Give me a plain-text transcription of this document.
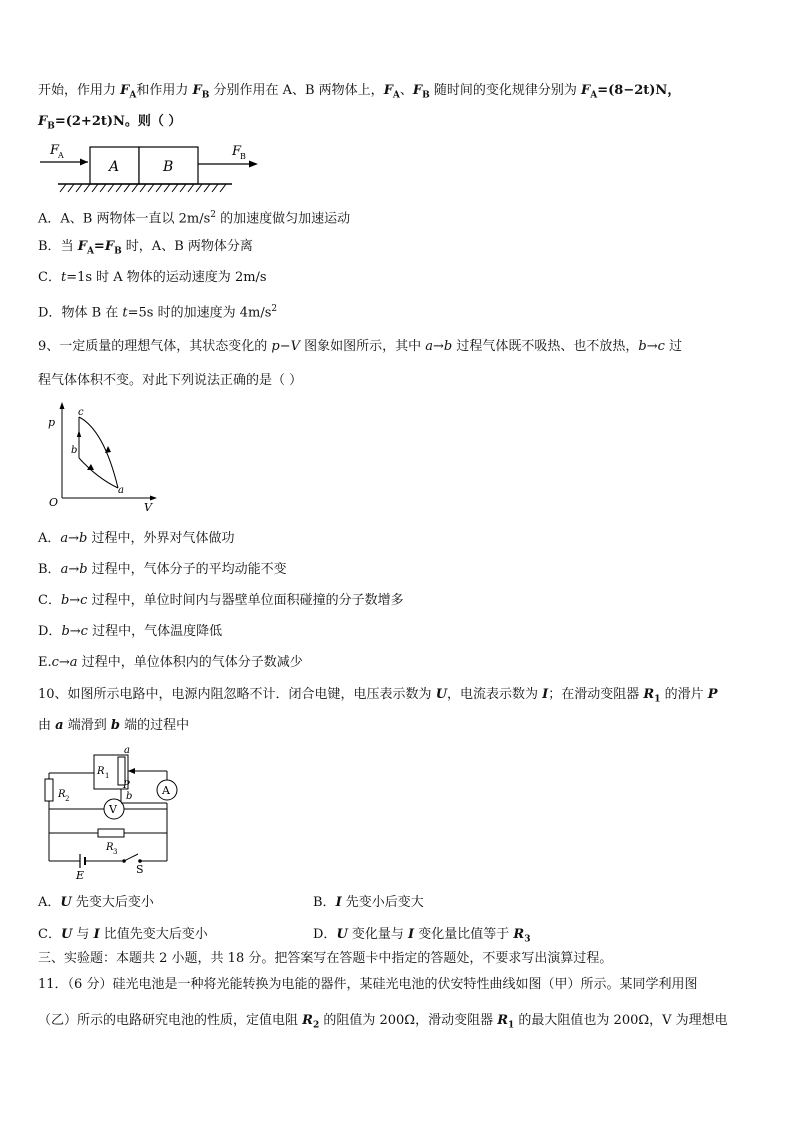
开始，作用力 $F_A$和作用力 $F_B$ 分别作用在 A、B 两物体上，$F_A$、$F_B$ 随时间的变化规律分别为 $F_A=(8-2t)N$，
$F_B=(2+2t)N$。则（ ）
F
A
A	B
F
B
A．A、B 两物体一直以 $2m/s^2$ 的加速度做匀加速运动
B．当 $F_A=F_B$ 时，A、B 两物体分离
C．t=1s 时 A 物体的运动速度为 2m/s
D．物体 B 在 t=5s 时的加速度为 $4m/s^2$
9、一定质量的理想气体，其状态变化的 p−V 图象如图所示，其中 a→b 过程气体既不吸热、也不放热，b→c 过
程气体体积不变。对此下列说法正确的是（ ）
p
V
O
c
b
a
A．a→b 过程中，外界对气体做功
B．a→b 过程中，气体分子的平均动能不变
C．b→c 过程中，单位时间内与器壁单位面积碰撞的分子数增多
D．b→c 过程中，气体温度降低
E.c→a 过程中，单位体积内的气体分子数减少
10、如图所示电路中，电源内阻忽略不计．闭合电键，电压表示数为 U，电流表示数为 I；在滑动变阻器 $R_1$ 的滑片 P
由 a 端滑到 b 端的过程中
R 1
a
P
b	A
R 2
V
R 3
E	S
A．U 先变大后变小	B．I 先变小后变大
C．U 与 I 比值先变大后变小	D．U 变化量与 I 变化量比值等于 $R_3$
三、实验题：本题共 2 小题，共 18 分。把答案写在答题卡中指定的答题处，不要求写出演算过程。
11．（6 分）硅光电池是一种将光能转换为电能的器件，某硅光电池的伏安特性曲线如图（甲）所示。某同学利用图
（乙）所示的电路研究电池的性质，定值电阻 $R_2$ 的阻值为 200Ω，滑动变阻器 $R_1$ 的最大阻值也为 200Ω，V 为理想电
